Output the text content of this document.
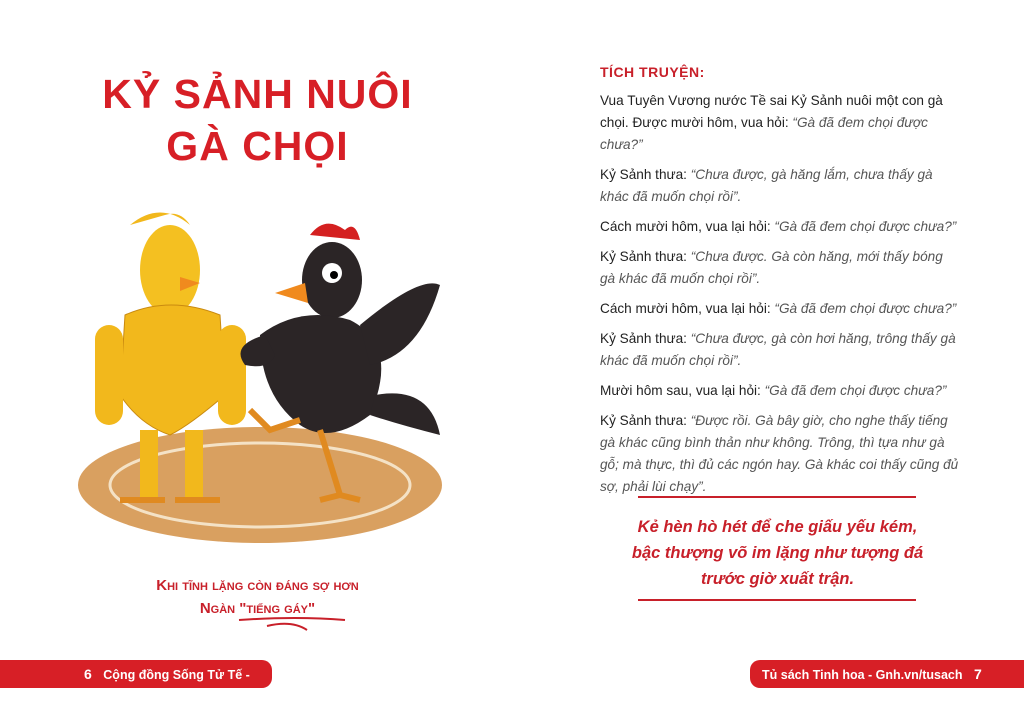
KỶ SẢNH NUÔI
GÀ CHỌI
Khi tĩnh lặng còn đáng sợ hơn
Ngàn "tiếng gáy"
6 Cộng đồng Sống Tử Tế - Gnh.vn
TÍCH TRUYỆN:

Vua Tuyên Vương nước Tề sai Kỷ Sảnh nuôi một con gà chọi. Được mười hôm, vua hỏi: “Gà đã đem chọi được chưa?”

Kỷ Sảnh thưa: “Chưa được, gà hăng lắm, chưa thấy gà khác đã muốn chọi rồi”.

Cách mười hôm, vua lại hỏi: “Gà đã đem chọi được chưa?”

Kỷ Sảnh thưa: “Chưa được. Gà còn hăng, mới thấy bóng gà khác đã muốn chọi rồi”.

Cách mười hôm, vua lại hỏi: “Gà đã đem chọi được chưa?”

Kỷ Sảnh thưa: “Chưa được, gà còn hơi hăng, trông thấy gà khác đã muốn chọi rồi”.

Mười hôm sau, vua lại hỏi: “Gà đã đem chọi được chưa?”

Kỷ Sảnh thưa: “Được rồi. Gà bây giờ, cho nghe thấy tiếng gà khác cũng bình thản như không. Trông, thì tựa như gà gỗ; mà thực, thì đủ các ngón hay. Gà khác coi thấy cũng đủ sợ, phải lùi chạy”.

Kẻ hèn hò hét để che giấu yếu kém,
bậc thượng võ im lặng như tượng đá
trước giờ xuất trận.
Tủ sách Tinh hoa - Gnh.vn/tusach 7
